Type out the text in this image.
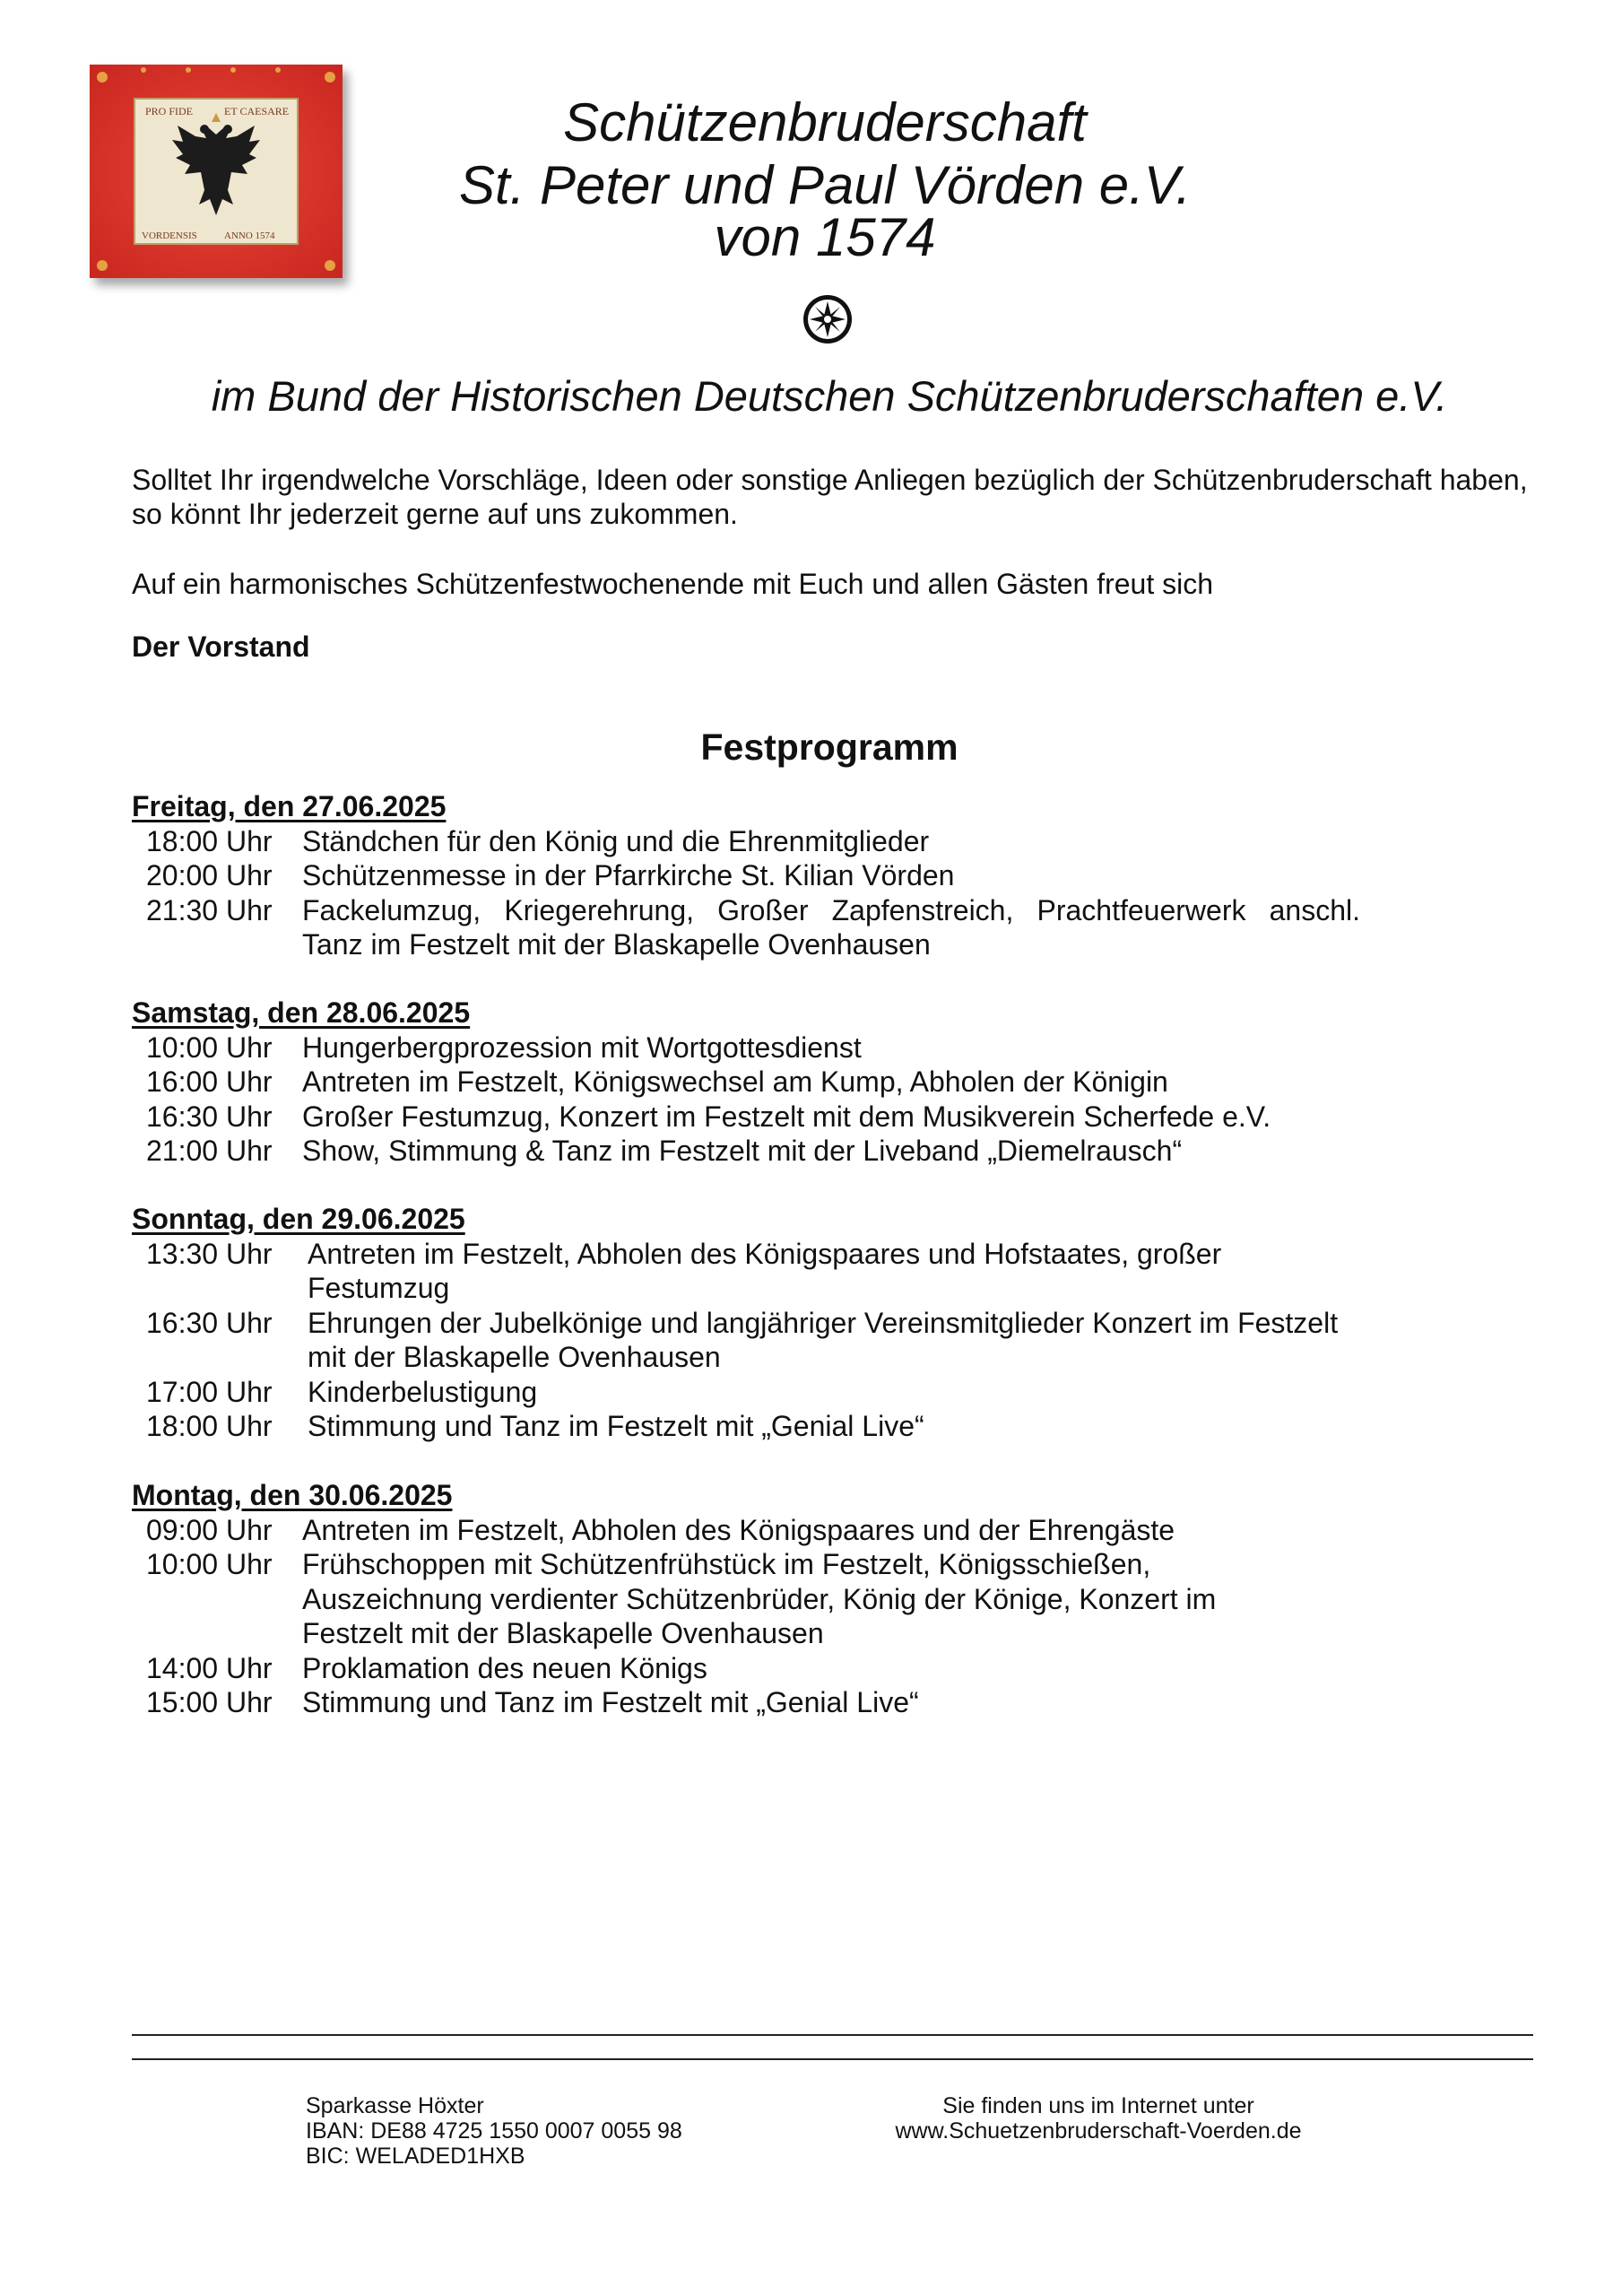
PRO FIDE	ET CAESARE
VORDENSIS	ANNO 1574
Schützenbruderschaft
St. Peter und Paul Vörden e.V.
von 1574
im Bund der Historischen Deutschen Schützenbruderschaften e.V.
Solltet Ihr irgendwelche Vorschläge, Ideen oder sonstige Anliegen bezüglich der Schützenbruderschaft haben, so könnt Ihr jederzeit gerne auf uns zukommen.
Auf ein harmonisches Schützenfestwochenende mit Euch und allen Gästen freut sich
Der Vorstand
Festprogramm
Freitag, den 27.06.2025
18:00 Uhr	Ständchen für den König und die Ehrenmitglieder
20:00 Uhr	Schützenmesse in der Pfarrkirche St. Kilian Vörden
21:30 Uhr	Fackelumzug, Kriegerehrung, Großer Zapfenstreich, Prachtfeuerwerk anschl.
Tanz im Festzelt mit der Blaskapelle Ovenhausen
Samstag, den 28.06.2025
10:00 Uhr	Hungerbergprozession mit Wortgottesdienst
16:00 Uhr	Antreten im Festzelt, Königswechsel am Kump, Abholen der Königin
16:30 Uhr	Großer Festumzug, Konzert im Festzelt mit dem Musikverein Scherfede e.V.
21:00 Uhr	Show, Stimmung & Tanz im Festzelt mit der Liveband „Diemelrausch“
Sonntag, den 29.06.2025
13:30 Uhr	Antreten im Festzelt, Abholen des Königspaares und Hofstaates, großer
Festumzug
16:30 Uhr	Ehrungen der Jubelkönige und langjähriger Vereinsmitglieder Konzert im Festzelt
mit der Blaskapelle Ovenhausen
17:00 Uhr	Kinderbelustigung
18:00 Uhr	Stimmung und Tanz im Festzelt mit „Genial Live“
Montag, den 30.06.2025
09:00 Uhr	Antreten im Festzelt, Abholen des Königspaares und der Ehrengäste
10:00 Uhr	Frühschoppen mit Schützenfrühstück im Festzelt, Königsschießen,
Auszeichnung verdienter Schützenbrüder, König der Könige, Konzert im
Festzelt mit der Blaskapelle Ovenhausen
14:00 Uhr	Proklamation des neuen Königs
15:00 Uhr	Stimmung und Tanz im Festzelt mit „Genial Live“
Sparkasse Höxter
IBAN: DE88 4725 1550 0007 0055 98
BIC: WELADED1HXB
Sie finden uns im Internet unter
www.Schuetzenbruderschaft-Voerden.de
